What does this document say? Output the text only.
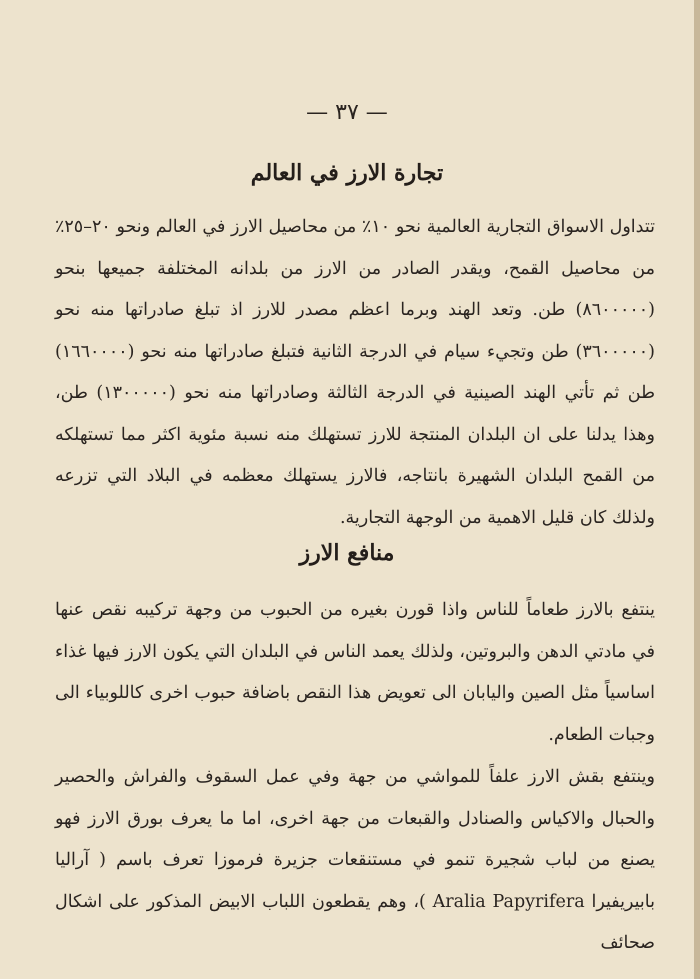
— ٣٧ —
تجارة الارز في العالم
تتداول الاسواق التجارية العالمية نحو ١٠٪ من محاصيل الارز في العالم ونحو ٢٠–٢٥٪ من محاصيل القمح، ويقدر الصادر من الارز من بلدانه المختلفة جميعها بنحو (٨٦٠٠٠٠٠) طن. وتعد الهند وبرما اعظم مصدر للارز اذ تبلغ صادراتها منه نحو (٣٦٠٠٠٠٠) طن وتجيء سيام في الدرجة الثانية فتبلغ صادراتها منه نحو (١٦٦٠٠٠٠) طن ثم تأتي الهند الصينية في الدرجة الثالثة وصادراتها منه نحو (١٣٠٠٠٠٠) طن، وهذا يدلنا على ان البلدان المنتجة للارز تستهلك منه نسبة مئوية اكثر مما تستهلكه من القمح البلدان الشهيرة بانتاجه، فالارز يستهلك معظمه في البلاد التي تزرعه ولذلك كان قليل الاهمية من الوجهة التجارية.
منافع الارز
ينتفع بالارز طعاماً للناس واذا قورن بغيره من الحبوب من وجهة تركيبه نقص عنها في مادتي الدهن والبروتين، ولذلك يعمد الناس في البلدان التي يكون الارز فيها غذاء اساسياً مثل الصين واليابان الى تعويض هذا النقص باضافة حبوب اخرى كاللوبياء الى وجبات الطعام.
وينتفع بقش الارز علفاً للمواشي من جهة وفي عمل السقوف والفراش والحصير والحبال والاكياس والصنادل والقبعات من جهة اخرى، اما ما يعرف بورق الارز فهو يصنع من لباب شجيرة تنمو في مستنقعات جزيرة فرموزا تعرف باسم ( آراليا بابيريفيرا Aralia Papyrifera )، وهم يقطعون اللباب الابيض المذكور على اشكال صحائف
